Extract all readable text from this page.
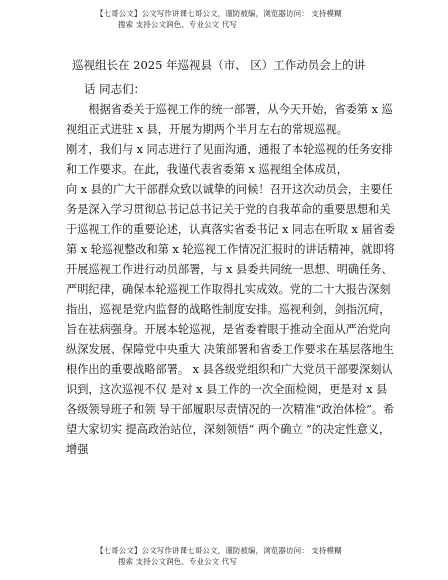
【七哥公文】公文写作讲课七哥公文，谨防被编，浏览器访问： 支持模糊
搜索 支持公文润色、专业公文 代写
巡视组长在 2025 年巡视县（市、 区）工作动员会上的讲
话 同志们：

根据省委关于巡视工作的统一部署，从今天开始，省委第 x 巡视组正式进驻 x 县，开展为期两个半月左右的常规巡视。

刚才，我们与 x 同志进行了见面沟通，通报了本轮巡视的任务安排和工作要求。在此，我谨代表省委第 x 巡视组全体成员，

向 x 县的广大干部群众致以诚挚的问候！召开这次动员会，主要任务是深入学习贯彻总书记总书记关于党的自我革命的重要思想和关于巡视工作的重要论述，认真落实省委书记 x 同志在听取 x 届省委第 x 轮巡视整改和第 x 轮巡视工作情况汇报时的讲话精神，就即将开展巡视工作进行动员部署，与 x 县委共同统一思想、明确任务、严明纪律，确保本轮巡视工作取得扎实成效。党的二十大报告深刻指出，巡视是党内监督的战略性制度安排。巡视利剑，剑指沉疴， 旨在祛病强身。开展本轮巡视，是省委着眼于推动全面从严治党向纵深发展、保障党中央重大 决策部署和省委工作要求在基层落地生根作出的重要战略部署。 x 县各级党组织和广大党员干部要深刻认识到，这次巡视不仅 是对 x 县工作的一次全面检阅，更是对 x 县各级领导班子和领 导干部履职尽责情况的一次精准“政治体检”。希望大家切实 提高政治站位，深刻领悟“ 两个确立 ”的决定性意义，增强

【七哥公文】公文写作讲课七哥公文，谨防被编，浏览器访问： 支持模糊
搜索 支持公文润色、专业公文 代写
